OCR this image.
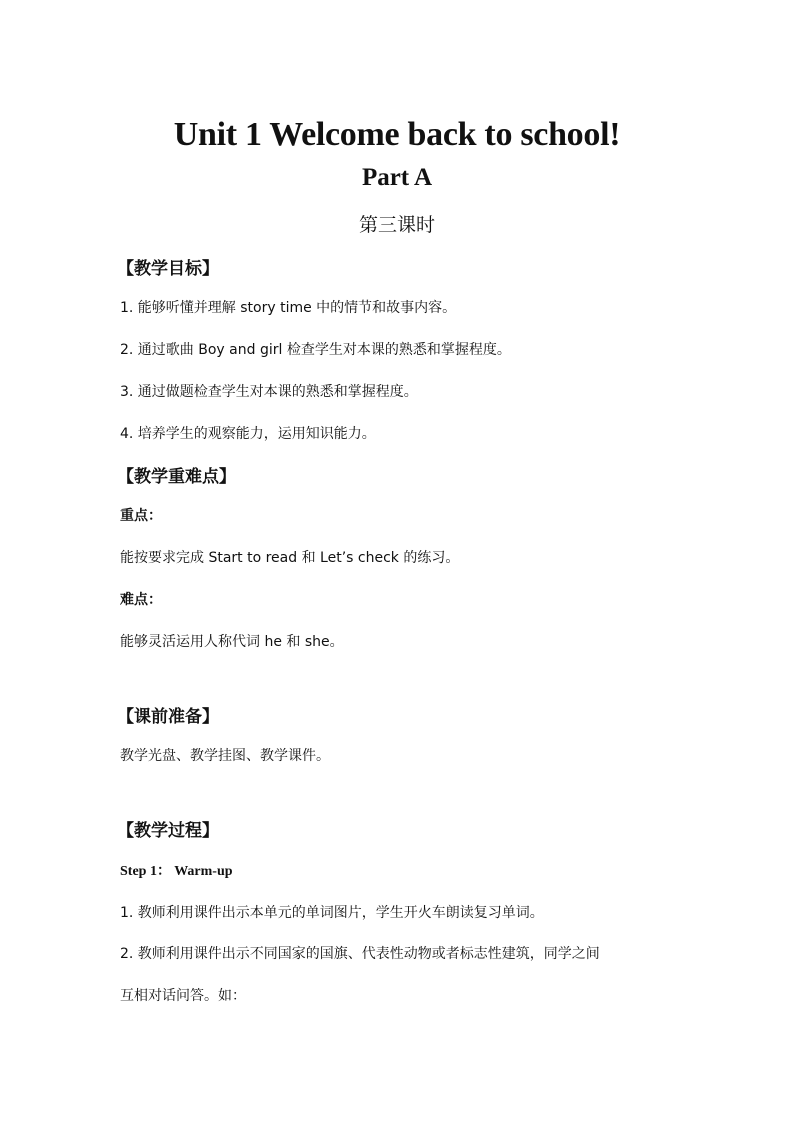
Unit 1 Welcome back to school!
Part A
第三课时
【教学目标】
1. 能够听懂并理解 story time 中的情节和故事内容。
2. 通过歌曲 Boy and girl 检查学生对本课的熟悉和掌握程度。
3. 通过做题检查学生对本课的熟悉和掌握程度。
4. 培养学生的观察能力，运用知识能力。
【教学重难点】
重点：
能按要求完成 Start to read 和 Let’s check 的练习。
难点：
能够灵活运用人称代词 he 和 she。
【课前准备】
教学光盘、教学挂图、教学课件。
【教学过程】
Step 1： Warm-up
1. 教师利用课件出示本单元的单词图片，学生开火车朗读复习单词。
2. 教师利用课件出示不同国家的国旗、代表性动物或者标志性建筑，同学之间
互相对话问答。如：
